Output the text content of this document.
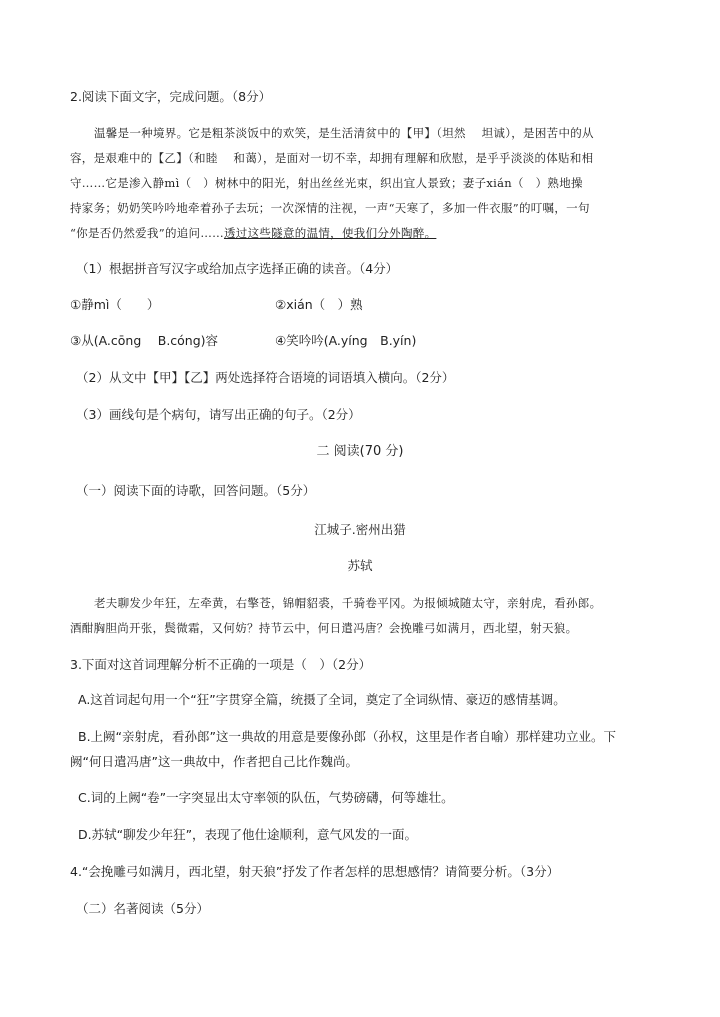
2.阅读下面文字，完成问题。（8分）
温馨是一种境界。它是粗茶淡饭中的欢笑，是生活清贫中的【甲】（坦然　 坦诚），是困苦中的从
容，是艰难中的【乙】（和睦　 和蔼），是面对一切不幸，却拥有理解和欣慰，是乎乎淡淡的体贴和相
守……它是渗入静mì（　）树林中的阳光，射出丝丝光束，织出宜人景致；妻子xián（　）熟地操
持家务；奶奶笑吟吟地牵着孙子去玩；一次深情的注视，一声“天寒了，多加一件衣服”的叮嘱，一句
“你是否仍然爱我”的追问……透过这些隧意的温情，使我们分外陶醉。
（1）根据拼音写汉字或给加点字选择正确的读音。（4分）
①静mì（　　）	②xián（　）熟
③从(A.cōng　 B.cóng)容	④笑吟吟(A.yíng　B.yín)
（2）从文中【甲】【乙】两处选择符合语境的词语填入横向。（2分）
（3）画线句是个病句，请写出正确的句子。（2分）
二 阅读(70 分)
（一）阅读下面的诗歌，回答问题。（5分）
江城子.密州出猎
苏轼
老夫聊发少年狂，左牵黄，右擎苍，锦帽貂裘，千骑卷平冈。为报倾城随太守，亲射虎，看孙郎。
酒酣胸胆尚开张，鬓微霜，又何妨？持节云中，何日遣冯唐？会挽雕弓如满月，西北望，射天狼。
3.下面对这首词理解分析不正确的一项是（　）（2分）
A.这首词起句用一个“狂”字贯穿全篇，统摄了全词，奠定了全词纵情、豪迈的感情基调。
B.上阙“亲射虎，看孙郎”这一典故的用意是要像孙郎（孙权，这里是作者自喻）那样建功立业。下
阙“何日遣冯唐”这一典故中，作者把自己比作魏尚。
C.词的上阙“卷”一字突显出太守率领的队伍，气势磅礴，何等雄壮。
D.苏轼“聊发少年狂”，表现了他仕途顺利，意气风发的一面。
4.“会挽雕弓如满月，西北望，射天狼”抒发了作者怎样的思想感情？请简要分析。（3分）
（二）名著阅读（5分）
